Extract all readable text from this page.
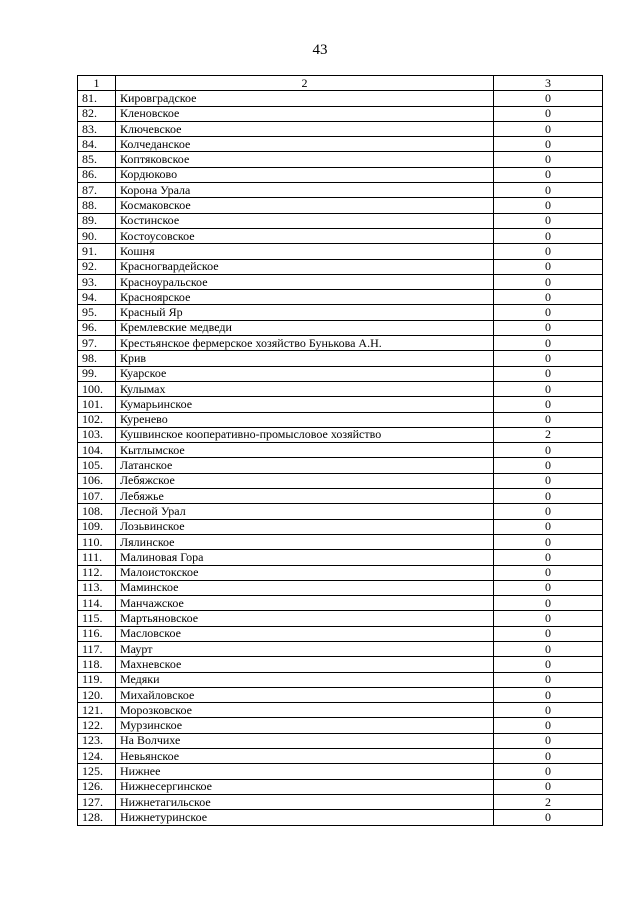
43
1	2	3
81.	Кировградское	0
82.	Кленовское	0
83.	Ключевское	0
84.	Колчеданское	0
85.	Коптяковское	0
86.	Кордюково	0
87.	Корона Урала	0
88.	Космаковское	0
89.	Костинское	0
90.	Костоусовское	0
91.	Кошня	0
92.	Красногвардейское	0
93.	Красноуральское	0
94.	Красноярское	0
95.	Красный Яр	0
96.	Кремлевские медведи	0
97.	Крестьянское фермерское хозяйство Бунькова А.Н.	0
98.	Крив	0
99.	Куарское	0
100.	Кулымах	0
101.	Кумарьинское	0
102.	Куренево	0
103.	Кушвинское кооперативно-промысловое хозяйство	2
104.	Кытлымское	0
105.	Латанское	0
106.	Лебяжское	0
107.	Лебяжье	0
108.	Лесной Урал	0
109.	Лозьвинское	0
110.	Лялинское	0
111.	Малиновая Гора	0
112.	Малоистокское	0
113.	Маминское	0
114.	Манчажское	0
115.	Мартьяновское	0
116.	Масловское	0
117.	Маурт	0
118.	Махневское	0
119.	Медяки	0
120.	Михайловское	0
121.	Морозковское	0
122.	Мурзинское	0
123.	На Волчихе	0
124.	Невьянское	0
125.	Нижнее	0
126.	Нижнесергинское	0
127.	Нижнетагильское	2
128.	Нижнетуринское	0
